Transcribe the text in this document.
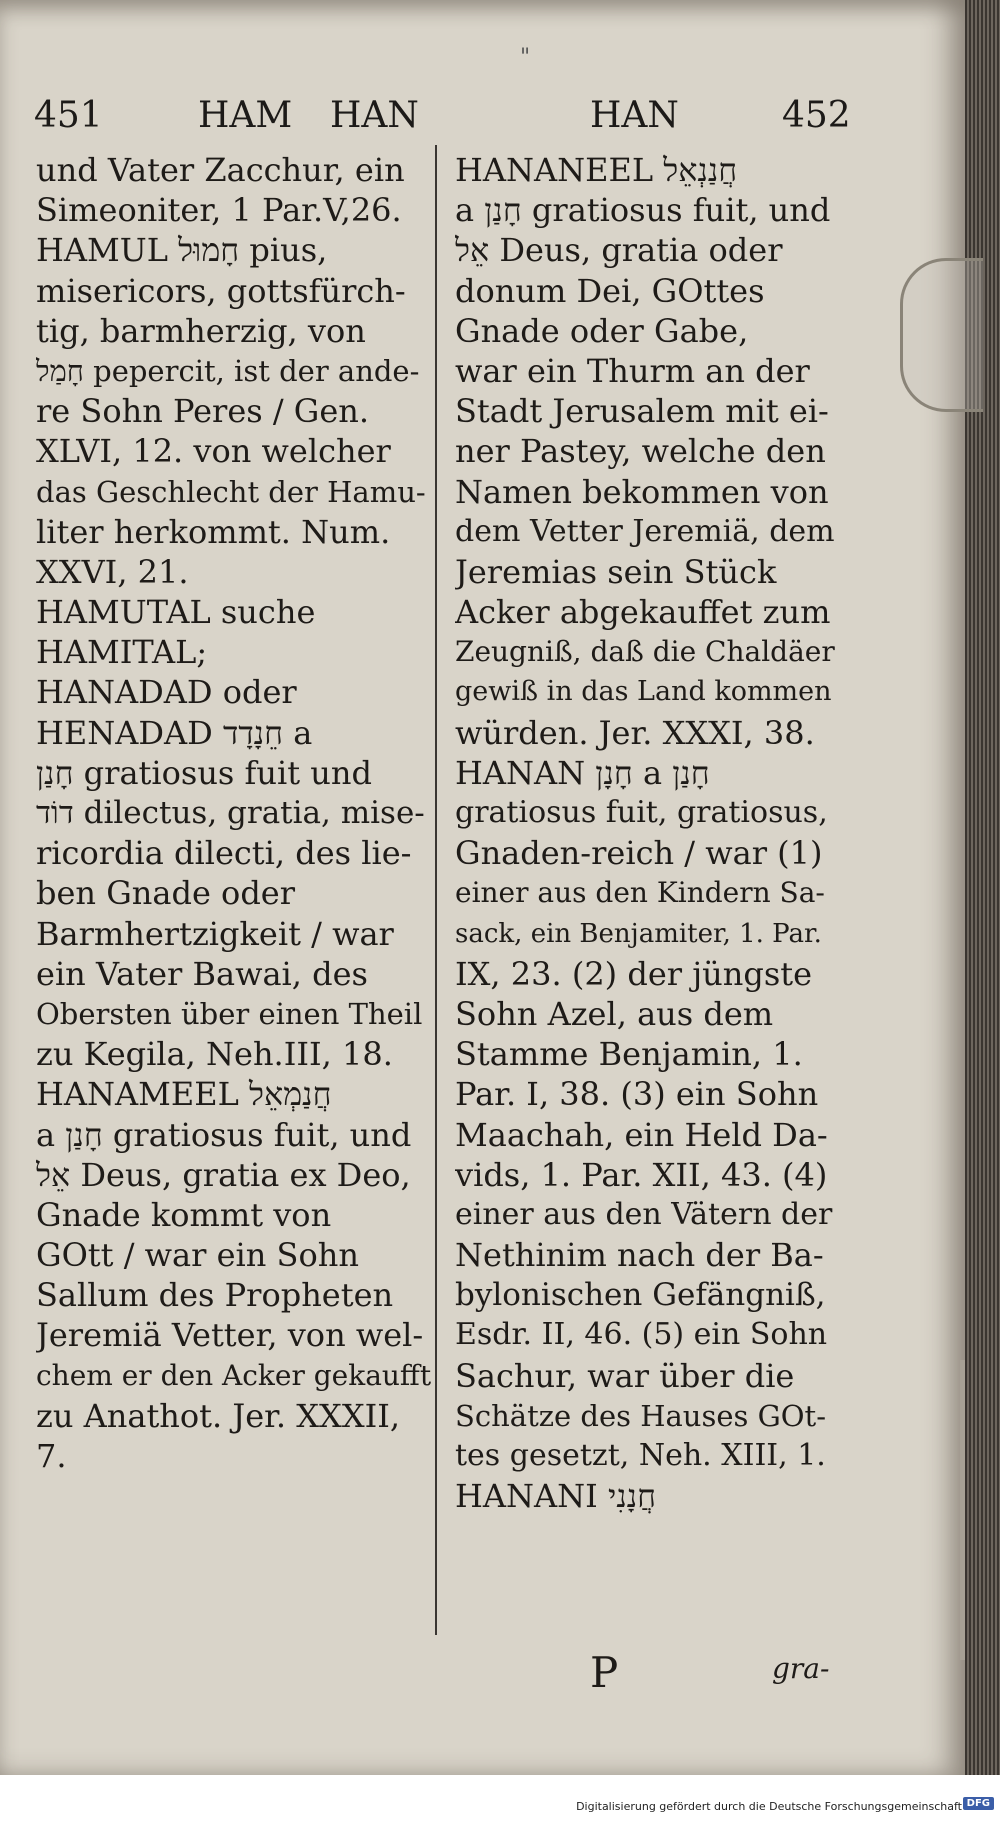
"
451	HAM HAN	HAN	452
und Vater Zacchur, ein
Simeoniter, 1 Par.V,26.
HAMUL חָמוּל pius,
misericors, gottsfürch-
tig, barmherzig, von
חָמַל pepercit, ist der ande-
re Sohn Peres / Gen.
XLVI, 12. von welcher
das Geschlecht der Hamu-
liter herkommt. Num.
XXVI, 21.
HAMUTAL suche
HAMITAL;
HANADAD oder
HENADAD חֵנָדָד a
חָנַן gratiosus fuit und
דוֹד dilectus, gratia, mise-
ricordia dilecti, des lie-
ben Gnade oder
Barmhertzigkeit / war
ein Vater Bawai, des
Obersten über einen Theil
zu Kegila, Neh.III, 18.
HANAMEEL חֲנַמְאֵל
a חָנַן gratiosus fuit, und
אֵל Deus, gratia ex Deo,
Gnade kommt von
GOtt / war ein Sohn
Sallum des Propheten
Jeremiä Vetter, von wel-
chem er den Acker gekaufft
zu Anathot. Jer. XXXII,
7.
HANANEEL חֲנַנְאֵל
a חָנַן gratiosus fuit, und
אֵל Deus, gratia oder
donum Dei, GOttes
Gnade oder Gabe,
war ein Thurm an der
Stadt Jerusalem mit ei-
ner Pastey, welche den
Namen bekommen von
dem Vetter Jeremiä, dem
Jeremias sein Stück
Acker abgekauffet zum
Zeugniß, daß die Chaldäer
gewiß in das Land kommen
würden. Jer. XXXI, 38.
HANAN חָנָן a חָנַן
gratiosus fuit, gratiosus,
Gnaden-reich / war (1)
einer aus den Kindern Sa-
sack, ein Benjamiter, 1. Par.
IX, 23. (2) der jüngste
Sohn Azel, aus dem
Stamme Benjamin, 1.
Par. I, 38. (3) ein Sohn
Maachah, ein Held Da-
vids, 1. Par. XII, 43. (4)
einer aus den Vätern der
Nethinim nach der Ba-
bylonischen Gefängniß,
Esdr. II, 46. (5) ein Sohn
Sachur, war über die
Schätze des Hauses GOt-
tes gesetzt, Neh. XIII, 1.
HANANI חֲנָנִי
P	gra-
Digitalisierung gefördert durch die Deutsche Forschungsgemeinschaft DFG
